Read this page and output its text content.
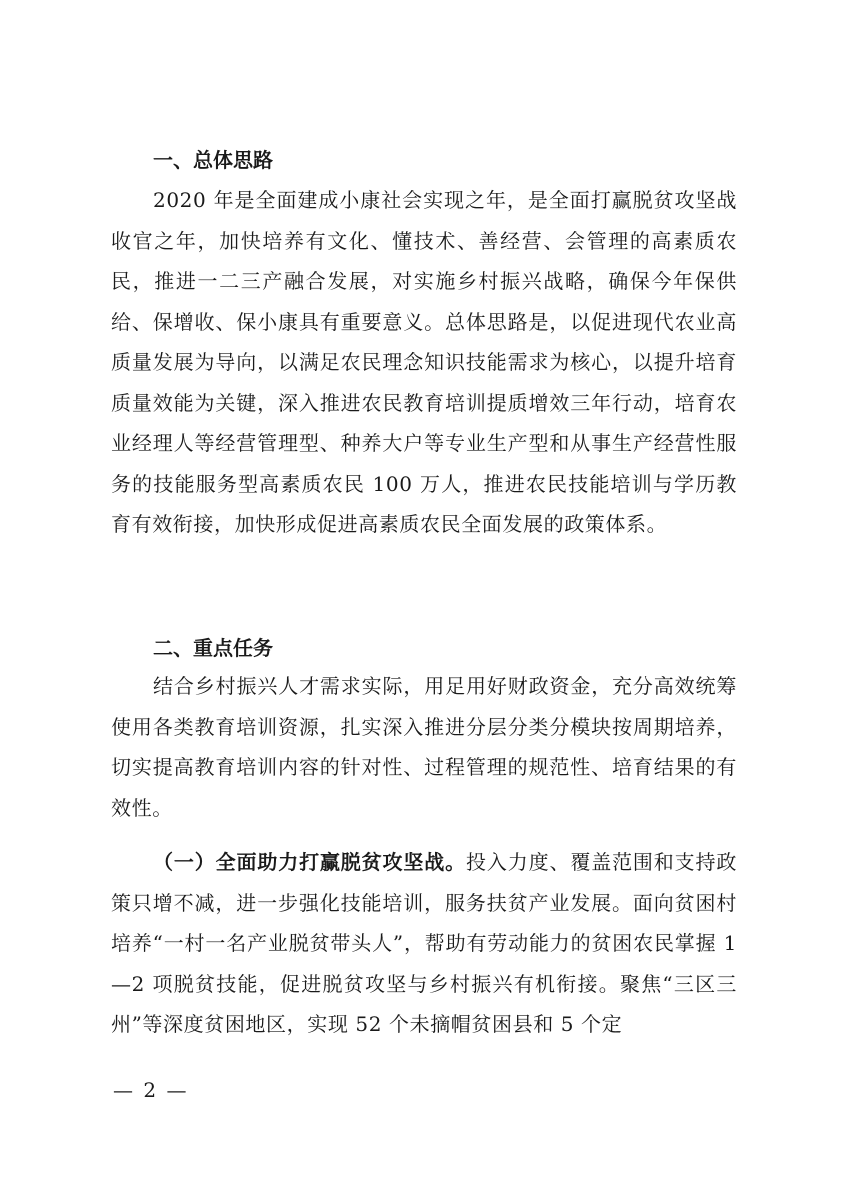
一、总体思路

2020 年是全面建成小康社会实现之年，是全面打赢脱贫攻坚战收官之年，加快培养有文化、懂技术、善经营、会管理的高素质农民，推进一二三产融合发展，对实施乡村振兴战略，确保今年保供给、保增收、保小康具有重要意义。总体思路是，以促进现代农业高质量发展为导向，以满足农民理念知识技能需求为核心，以提升培育质量效能为关键，深入推进农民教育培训提质增效三年行动，培育农业经理人等经营管理型、种养大户等专业生产型和从事生产经营性服务的技能服务型高素质农民 100 万人，推进农民技能培训与学历教育有效衔接，加快形成促进高素质农民全面发展的政策体系。

二、重点任务

结合乡村振兴人才需求实际，用足用好财政资金，充分高效统筹使用各类教育培训资源，扎实深入推进分层分类分模块按周期培养，切实提高教育培训内容的针对性、过程管理的规范性、培育结果的有效性。

（一）全面助力打赢脱贫攻坚战。投入力度、覆盖范围和支持政策只增不减，进一步强化技能培训，服务扶贫产业发展。面向贫困村培养“一村一名产业脱贫带头人”，帮助有劳动能力的贫困农民掌握 1—2 项脱贫技能，促进脱贫攻坚与乡村振兴有机衔接。聚焦“三区三州”等深度贫困地区，实现 52 个未摘帽贫困县和 5 个定

— 2 —
